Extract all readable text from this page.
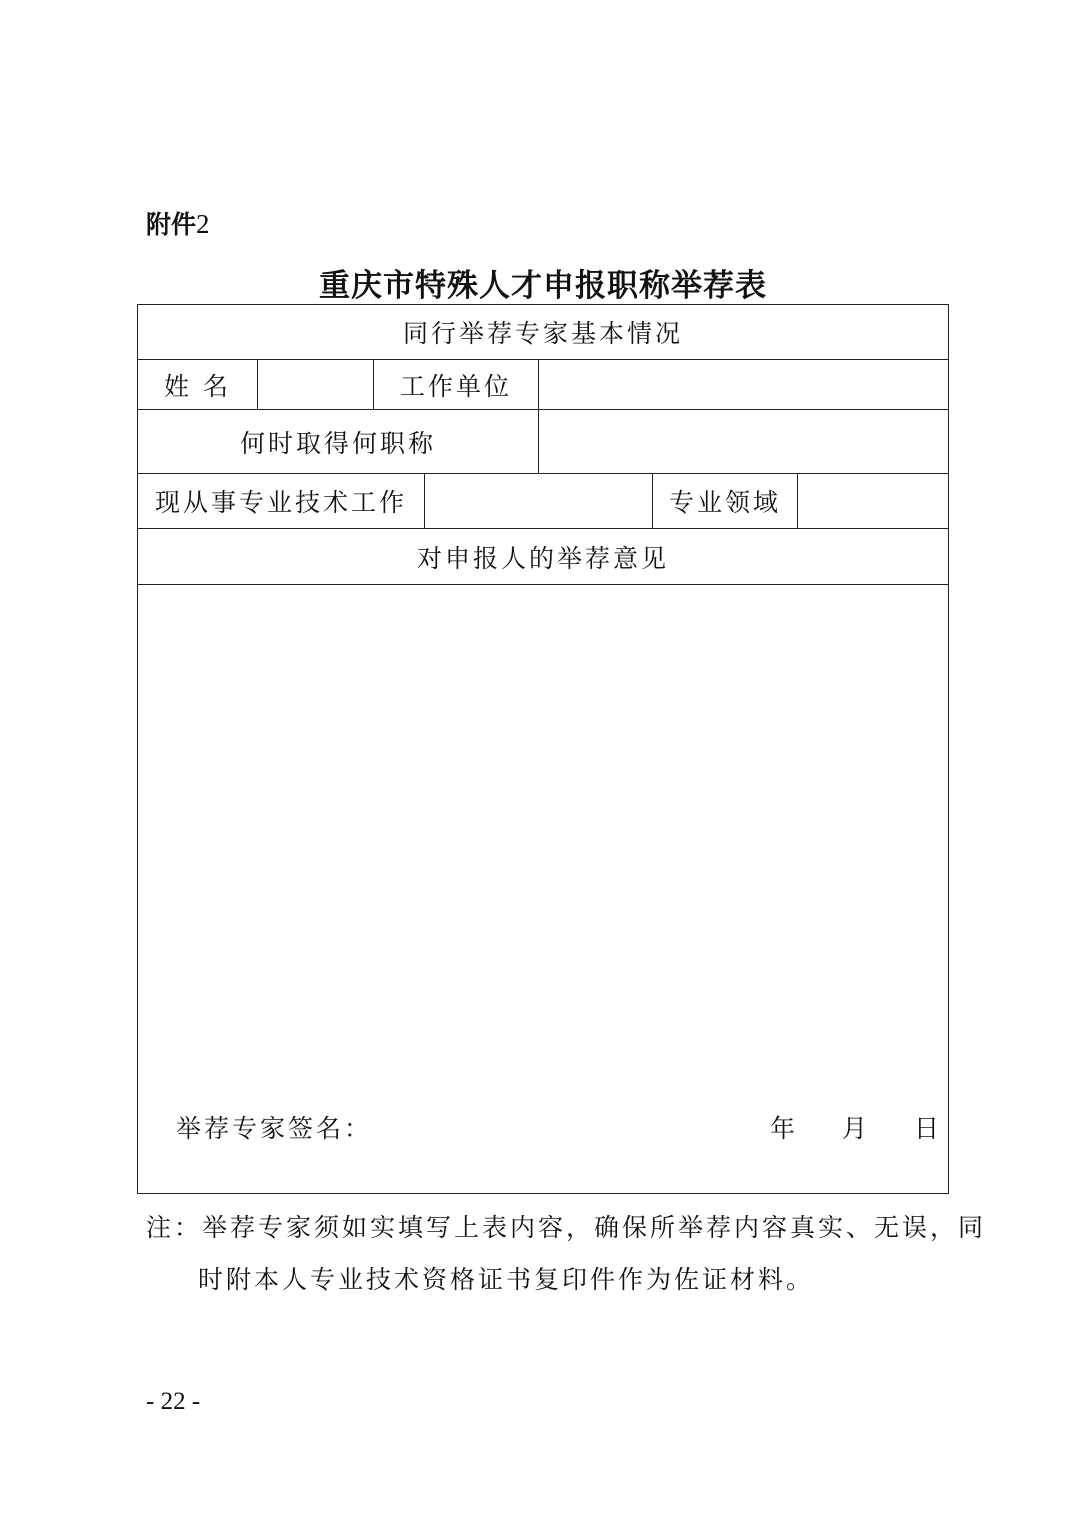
附件2
重庆市特殊人才申报职称举荐表
同行举荐专家基本情况
姓 名	工作单位
何时取得何职称
现从事专业技术工作	专业领域
对申报人的举荐意见
举荐专家签名：	年 月 日
注：举荐专家须如实填写上表内容，确保所举荐内容真实、无误，同
时附本人专业技术资格证书复印件作为佐证材料。
- 22 -
